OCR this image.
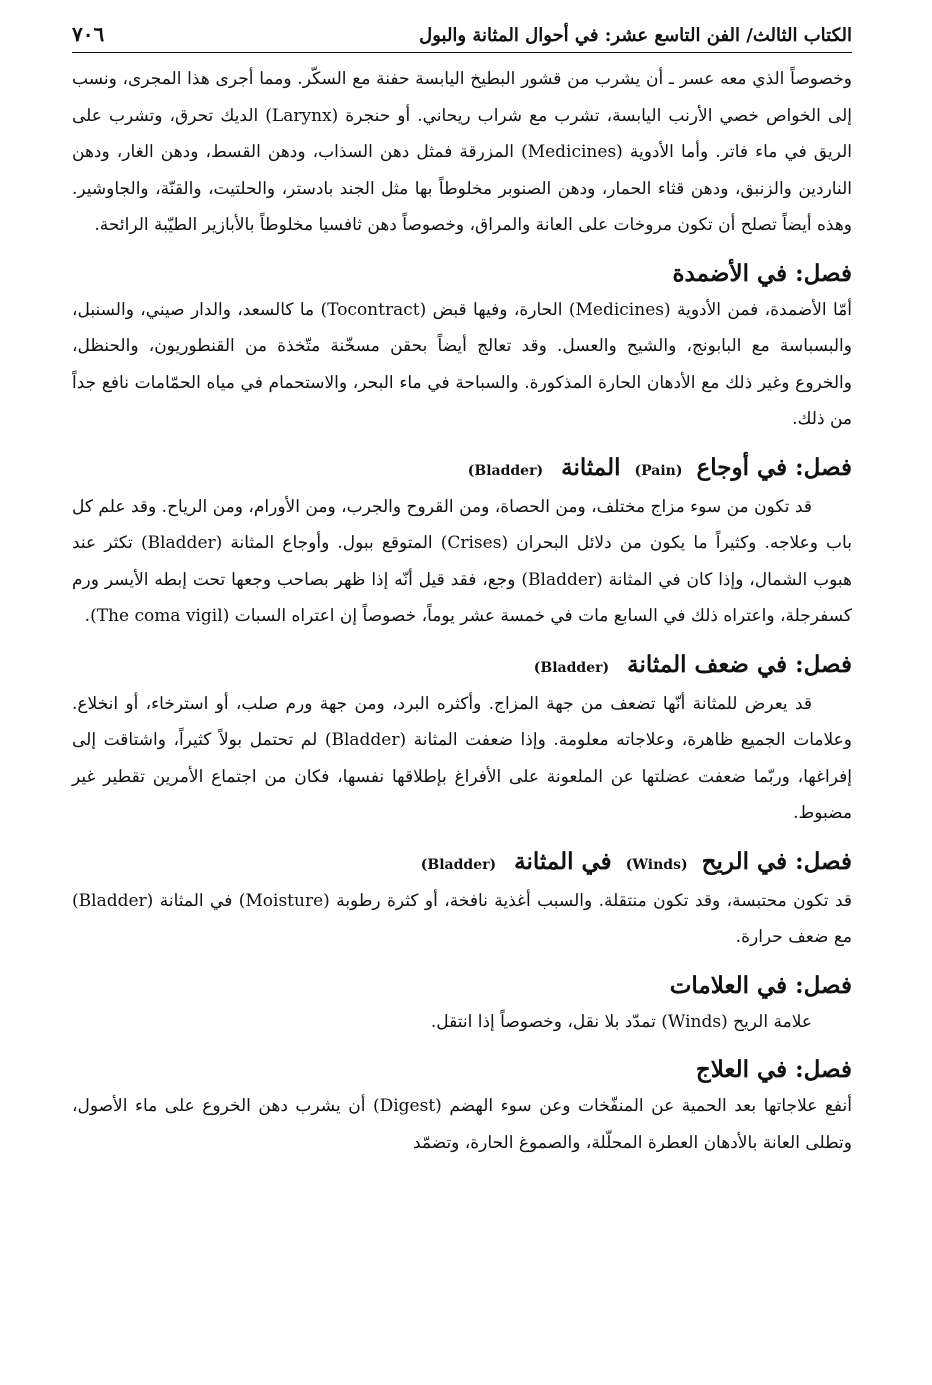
الكتاب الثالث/ الفن التاسع عشر: في أحوال المثانة والبول
٧٠٦

وخصوصاً الذي معه عسر ـ أن يشرب من قشور البطيخ اليابسة حفنة مع السكّر. ومما أجرى هذا المجرى، ونسب إلى الخواص خصي الأرنب اليابسة، تشرب مع شراب ريحاني. أو حنجرة (Larynx) الديك تحرق، وتشرب على الريق في ماء فاتر. وأما الأدوية (Medicines) المزرقة فمثل دهن السذاب، ودهن القسط، ودهن الغار، ودهن الناردين والزنبق، ودهن قثاء الحمار، ودهن الصنوبر مخلوطاً بها مثل الجند بادستر، والحلتيت، والقنّة، والجاوشير. وهذه أيضاً تصلح أن تكون مروخات على العانة والمراق، وخصوصاً دهن ثافسيا مخلوطاً بالأبازير الطيّبة الرائحة.

فصل: في الأضمدة

أمّا الأضمدة، فمن الأدوية (Medicines) الحارة، وفيها قبض (Tocontract) ما كالسعد، والدار صيني، والسنبل، والبسباسة مع البابونج، والشيح والعسل. وقد تعالج أيضاً بحقن مسخّنة متّخذة من القنطوريون، والحنظل، والخروع وغير ذلك مع الأدهان الحارة المذكورة. والسباحة في ماء البحر، والاستحمام في مياه الحمّامات نافع جداً من ذلك.

فصل: في أوجاع (Pain) المثانة (Bladder)

قد تكون من سوء مزاج مختلف، ومن الحصاة، ومن القروح والجرب، ومن الأورام، ومن الرياح. وقد علم كل باب وعلاجه. وكثيراً ما يكون من دلائل البحران (Crises) المتوقع ببول. وأوجاع المثانة (Bladder) تكثر عند هبوب الشمال، وإذا كان في المثانة (Bladder) وجع، فقد قيل أنّه إذا ظهر بصاحب وجعها تحت إبطه الأيسر ورم كسفرجلة، واعتراه ذلك في السابع مات في خمسة عشر يوماً، خصوصاً إن اعتراه السبات (The coma vigil).

فصل: في ضعف المثانة (Bladder)

قد يعرض للمثانة أنّها تضعف من جهة المزاج. وأكثره البرد، ومن جهة ورم صلب، أو استرخاء، أو انخلاع. وعلامات الجميع ظاهرة، وعلاجاته معلومة. وإذا ضعفت المثانة (Bladder) لم تحتمل بولاً كثيراً، واشتاقت إلى إفراغها، وربّما ضعفت عضلتها عن الملعونة على الأفراغ بإطلاقها نفسها، فكان من اجتماع الأمرين تقطير غير مضبوط.

فصل: في الريح (Winds) في المثانة (Bladder)

قد تكون محتبسة، وقد تكون منتقلة. والسبب أغذية نافخة، أو كثرة رطوبة (Moisture) في المثانة (Bladder) مع ضعف حرارة.

فصل: في العلامات

علامة الريح (Winds) تمدّد بلا نقل، وخصوصاً إذا انتقل.

فصل: في العلاج

أنفع علاجاتها بعد الحمية عن المنفّخات وعن سوء الهضم (Digest) أن يشرب دهن الخروع على ماء الأصول، وتطلى العانة بالأدهان العطرة المحلّلة، والصموغ الحارة، وتضمّد
